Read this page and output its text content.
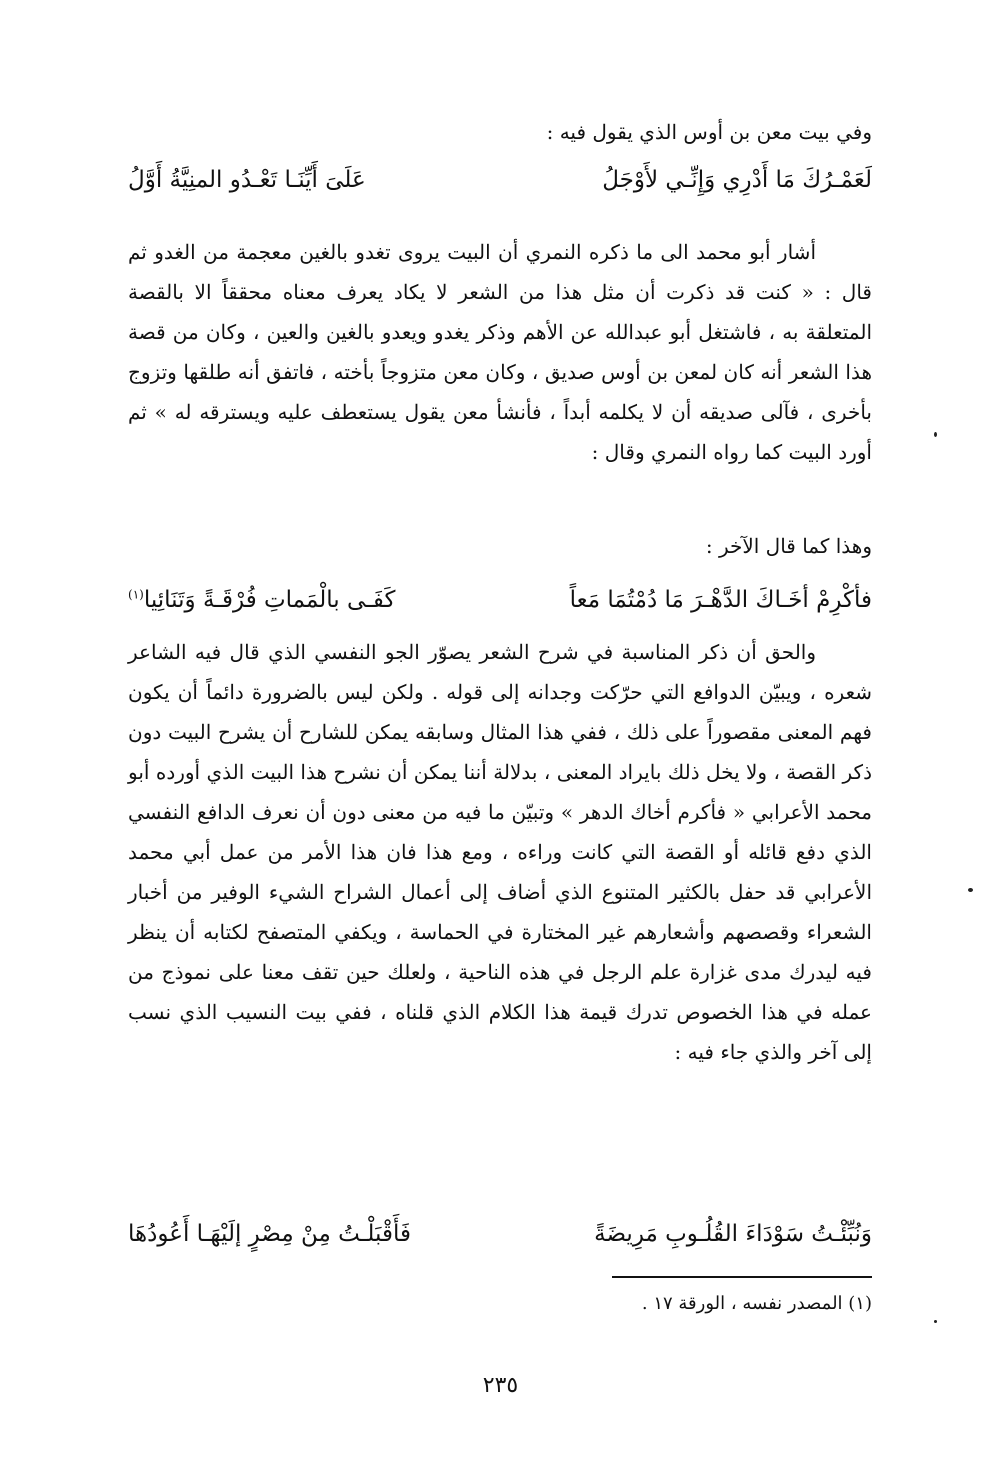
وفي بيت معن بن أوس الذي يقول فيه :
لَعَمْـرُكَ مَا أَدْرِي وَإِنِّـي لأَوْجَلُ
عَلَىَ أَيِّنَـا تَعْـدُو المنِيَّةُ أَوَّلُ
أشار أبو محمد الى ما ذكره النمري أن البيت يروى تغدو بالغين معجمة من الغدو ثم قال : « كنت قد ذكرت أن مثل هذا من الشعر لا يكاد يعرف معناه محققاً الا بالقصة المتعلقة به ، فاشتغل أبو عبدالله عن الأهم وذكر يغدو ويعدو بالغين والعين ، وكان من قصة هذا الشعر أنه كان لمعن بن أوس صديق ، وكان معن متزوجاً بأخته ، فاتفق أنه طلقها وتزوج بأخرى ، فآلى صديقه أن لا يكلمه أبداً ، فأنشأ معن يقول يستعطف عليه ويسترقه له » ثم أورد البيت كما رواه النمري وقال :
وهذا كما قال الآخر :
فأكْرِمْ أخَـاكَ الدَّهْـرَ مَا دُمْتُمَا مَعاً
كَفَـى بالْمَماتِ فُرْقَـةً وَتَنَائِيا$^{(١)}$
والحق أن ذكر المناسبة في شرح الشعر يصوّر الجو النفسي الذي قال فيه الشاعر شعره ، ويبيّن الدوافع التي حرّكت وجدانه إلى قوله . ولكن ليس بالضرورة دائماً أن يكون فهم المعنى مقصوراً على ذلك ، ففي هذا المثال وسابقه يمكن للشارح أن يشرح البيت دون ذكر القصة ، ولا يخل ذلك بايراد المعنى ، بدلالة أننا يمكن أن نشرح هذا البيت الذي أورده أبو محمد الأعرابي « فأكرم أخاك الدهر » وتبيّن ما فيه من معنى دون أن نعرف الدافع النفسي الذي دفع قائله أو القصة التي كانت وراءه ، ومع هذا فان هذا الأمر من عمل أبي محمد الأعرابي قد حفل بالكثير المتنوع الذي أضاف إلى أعمال الشراح الشيء الوفير من أخبار الشعراء وقصصهم وأشعارهم غير المختارة في الحماسة ، ويكفي المتصفح لكتابه أن ينظر فيه ليدرك مدى غزارة علم الرجل في هذه الناحية ، ولعلك حين تقف معنا على نموذج من عمله في هذا الخصوص تدرك قيمة هذا الكلام الذي قلناه ، ففي بيت النسيب الذي نسب إلى آخر والذي جاء فيه :
وَنُبِّئْـتُ سَوْدَاءَ القُلُـوبِ مَرِيضَةً
فَأَقْبَلْـتُ مِنْ مِصْرٍ إلَيْهَـا أَعُودُهَا
(١) المصدر نفسه ، الورقة ١٧ .
٢٣٥
